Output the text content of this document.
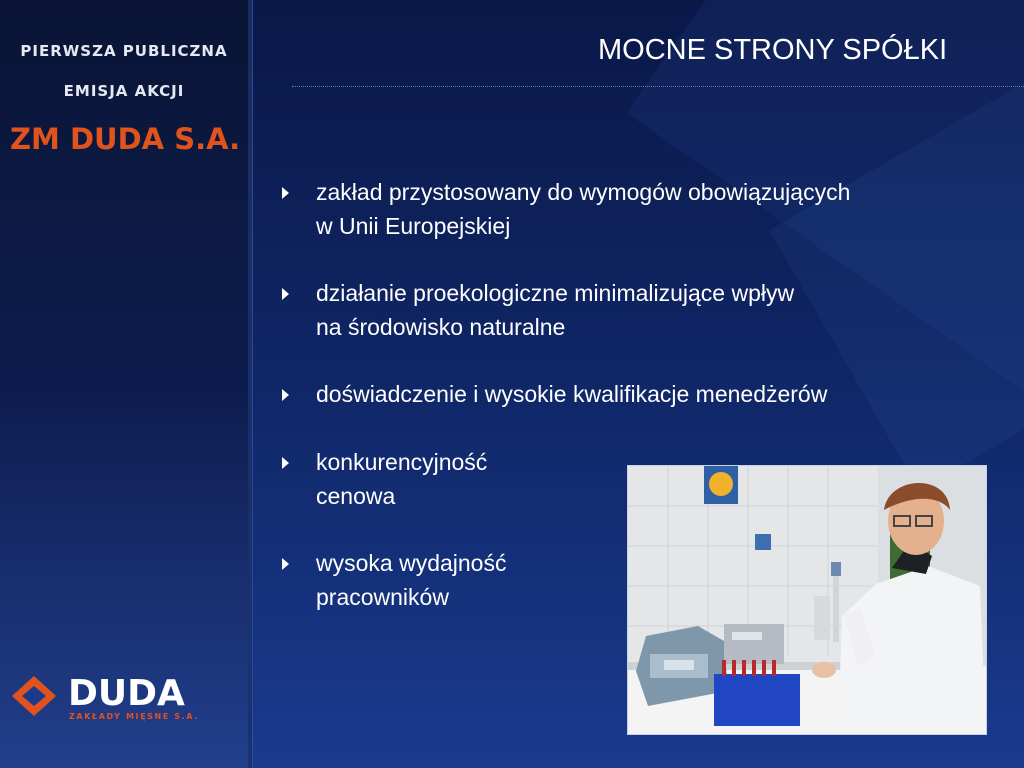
PIERWSZA PUBLICZNA
EMISJA AKCJI
ZM DUDA S.A.
DUDA
ZAKŁADY MIĘSNE S.A.
MOCNE STRONY SPÓŁKI
zakład przystosowany do wymogów obowiązujących
w Unii Europejskiej
działanie proekologiczne minimalizujące wpływ
na środowisko naturalne
doświadczenie i wysokie kwalifikacje menedżerów
konkurencyjność
cenowa
wysoka wydajność
pracowników
